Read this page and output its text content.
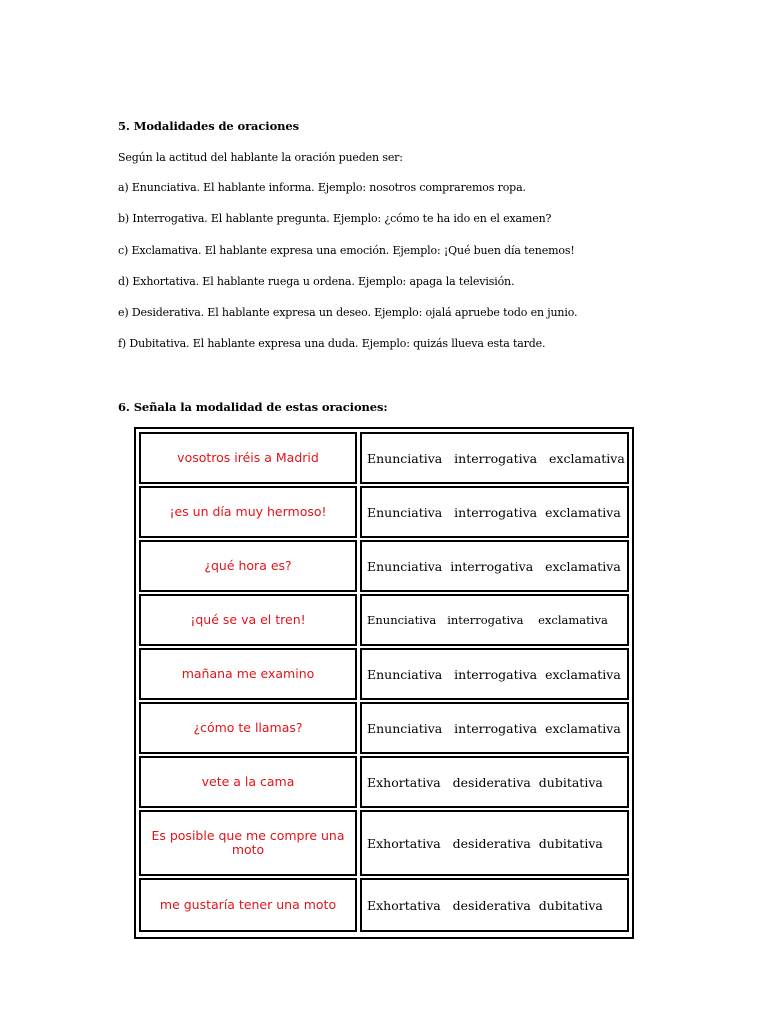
5. Modalidades de oraciones
Según la actitud del hablante la oración pueden ser:
a) Enunciativa. El hablante informa. Ejemplo: nosotros compraremos ropa.
b) Interrogativa. El hablante pregunta. Ejemplo: ¿cómo te ha ido en el examen?
c) Exclamativa. El hablante expresa una emoción. Ejemplo: ¡Qué buen día tenemos!
d) Exhortativa. El hablante ruega u ordena. Ejemplo: apaga la televisión.
e) Desiderativa. El hablante expresa un deseo. Ejemplo: ojalá apruebe todo en junio.
f) Dubitativa. El hablante expresa una duda. Ejemplo: quizás llueva esta tarde.
6. Señala la modalidad de estas oraciones:
vosotros iréis a Madrid	Enunciativa   interrogativa   exclamativa
¡es un día muy hermoso!	Enunciativa   interrogativa  exclamativa
¿qué hora es?	Enunciativa  interrogativa   exclamativa
¡qué se va el tren!	Enunciativa   interrogativa    exclamativa
mañana me examino	Enunciativa   interrogativa  exclamativa
¿cómo te llamas?	Enunciativa   interrogativa  exclamativa
vete a la cama	Exhortativa   desiderativa  dubitativa
Es posible que me compre una moto	Exhortativa   desiderativa  dubitativa
me gustaría tener una moto	Exhortativa   desiderativa  dubitativa
